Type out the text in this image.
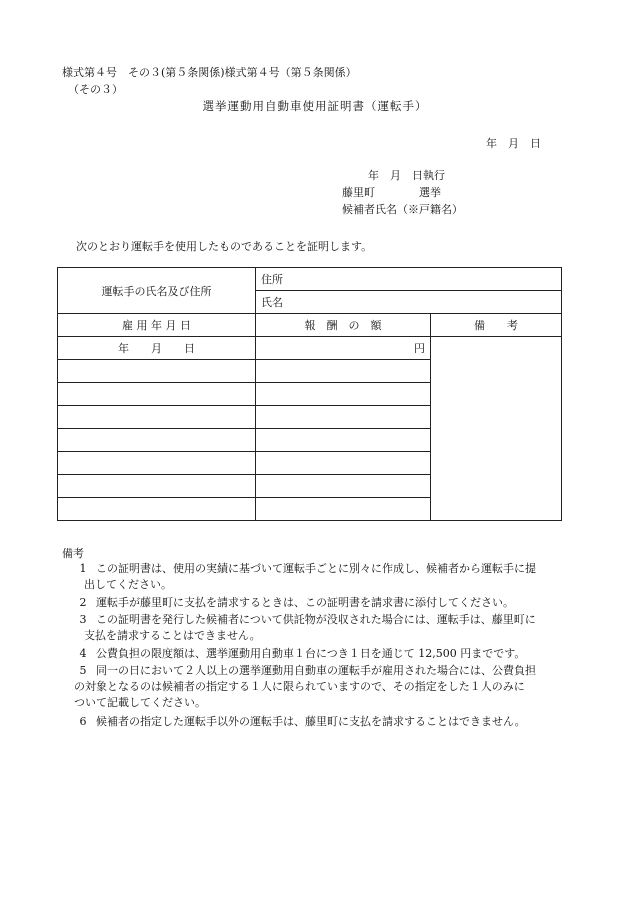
様式第４号　その３(第５条関係)様式第４号（第５条関係）
（その３）
選挙運動用自動車使用証明書（運転手）
年　月　日
年　月　日執行
藤里町　　　　選挙
候補者氏名（※戸籍名）
次のとおり運転手を使用したものであることを証明します。
運転手の氏名及び住所	住所	
	氏名	
雇 用 年 月 日	報　酬　の　額	備　　考
年　　月　　日	円	

備考
1 この証明書は、使用の実績に基づいて運転手ごとに別々に作成し、候補者から運転手に提
出してください。
2 運転手が藤里町に支払を請求するときは、この証明書を請求書に添付してください。
3 この証明書を発行した候補者について供託物が没収された場合には、運転手は、藤里町に
支払を請求することはできません。
4 公費負担の限度額は、選挙運動用自動車１台につき１日を通じて 12,500 円までです。
5 同一の日において２人以上の選挙運動用自動車の運転手が雇用された場合には、公費負担
の対象となるのは候補者の指定する１人に限られていますので、その指定をした１人のみに
ついて記載してください。
6 候補者の指定した運転手以外の運転手は、藤里町に支払を請求することはできません。
